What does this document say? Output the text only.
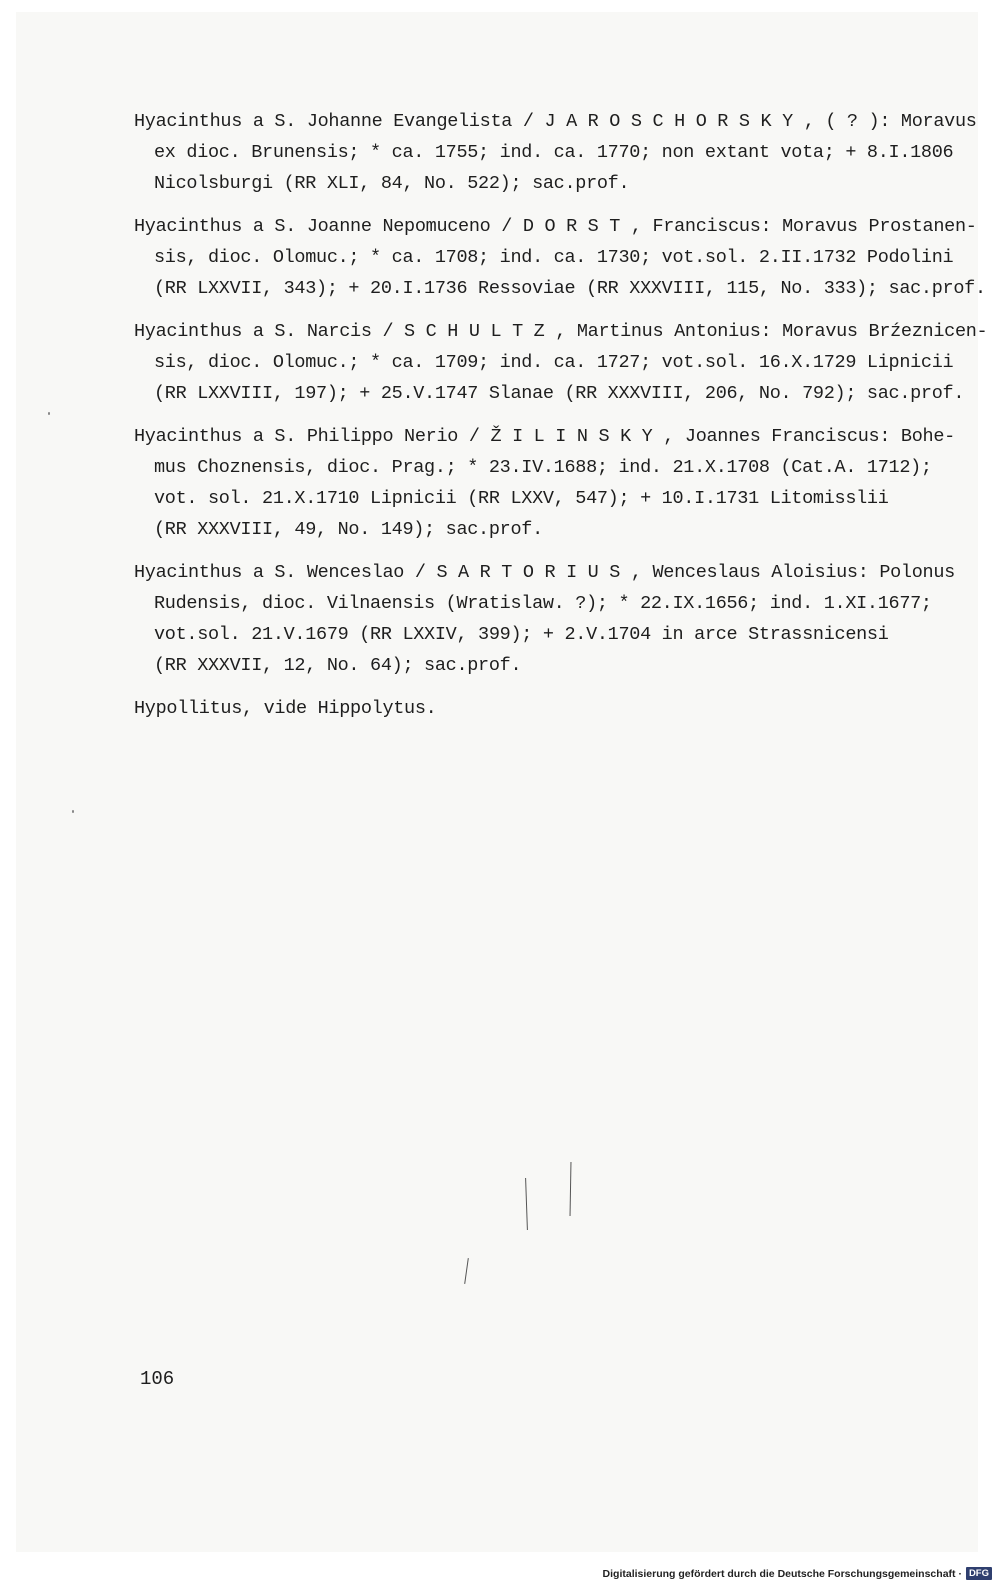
Hyacinthus a S. Johanne Evangelista / J A R O S C H O R S K Y , ( ? ): Moravus
ex dioc. Brunensis; * ca. 1755; ind. ca. 1770; non extant vota; + 8.I.1806
Nicolsburgi (RR XLI, 84, No. 522); sac.prof.

Hyacinthus a S. Joanne Nepomuceno / D O R S T , Franciscus: Moravus Prostanen-
sis, dioc. Olomuc.; * ca. 1708; ind. ca. 1730; vot.sol. 2.II.1732 Podolini
(RR LXXVII, 343); + 20.I.1736 Ressoviae (RR XXXVIII, 115, No. 333); sac.prof.

Hyacinthus a S. Narcis / S C H U L T Z , Martinus Antonius: Moravus Brźeznicen-
sis, dioc. Olomuc.; * ca. 1709; ind. ca. 1727; vot.sol. 16.X.1729 Lipnicii
(RR LXXVIII, 197); + 25.V.1747 Slanae (RR XXXVIII, 206, No. 792); sac.prof.

Hyacinthus a S. Philippo Nerio / Ž I L I N S K Y , Joannes Franciscus: Bohe-
mus Choznensis, dioc. Prag.; * 23.IV.1688; ind. 21.X.1708 (Cat.A. 1712);
vot. sol. 21.X.1710 Lipnicii (RR LXXV, 547); + 10.I.1731 Litomisslii
(RR XXXVIII, 49, No. 149); sac.prof.

Hyacinthus a S. Wenceslao / S A R T O R I U S , Wenceslaus Aloisius: Polonus
Rudensis, dioc. Vilnaensis (Wratislaw. ?); * 22.IX.1656; ind. 1.XI.1677;
vot.sol. 21.V.1679 (RR LXXIV, 399); + 2.V.1704 in arce Strassnicensi
(RR XXXVII, 12, No. 64); sac.prof.

Hypollitus, vide Hippolytus.

106
Digitalisierung gefördert durch die Deutsche Forschungsgemeinschaft · DFG
